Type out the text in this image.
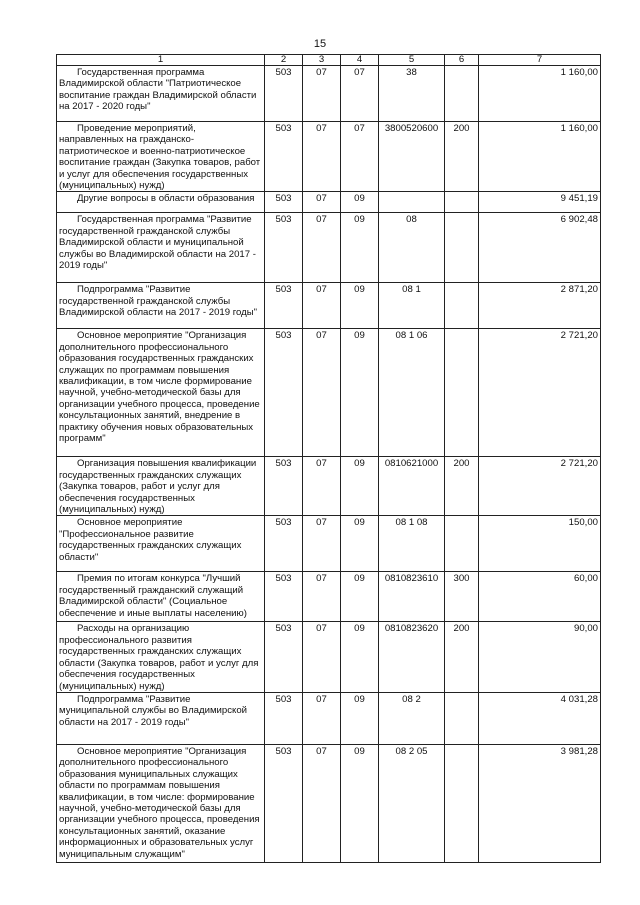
15
1	2	3	4	5	6	7
Государственная программа Владимирской области "Патриотическое воспитание граждан Владимирской области на 2017 - 2020 годы"	503	07	07	38		1 160,00
Проведение мероприятий, направленных на гражданско-патриотическое и военно-патриотическое воспитание граждан (Закупка товаров, работ и услуг для обеспечения государственных (муниципальных) нужд)	503	07	07	3800520600	200	1 160,00
Другие вопросы в области образования	503	07	09			9 451,19
Государственная программа "Развитие государственной гражданской службы Владимирской области и муниципальной службы во Владимирской области на 2017 - 2019 годы"	503	07	09	08		6 902,48
Подпрограмма "Развитие государственной гражданской службы Владимирской области на 2017 - 2019 годы"	503	07	09	08 1		2 871,20
Основное мероприятие "Организация дополнительного профессионального образования государственных гражданских служащих по программам повышения квалификации, в том числе формирование научной, учебно-методической базы для организации учебного процесса, проведение консультационных занятий, внедрение в практику обучения новых образовательных программ"	503	07	09	08 1 06		2 721,20
Организация повышения квалификации государственных гражданских служащих (Закупка товаров, работ и услуг для обеспечения государственных (муниципальных) нужд)	503	07	09	0810621000	200	2 721,20
Основное мероприятие "Профессиональное развитие государственных гражданских служащих области"	503	07	09	08 1 08		150,00
Премия по итогам конкурса "Лучший государственный гражданский служащий Владимирской области" (Социальное обеспечение и иные выплаты населению)	503	07	09	0810823610	300	60,00
Расходы на организацию профессионального развития государственных гражданских служащих области (Закупка товаров, работ и услуг для обеспечения государственных (муниципальных) нужд)	503	07	09	0810823620	200	90,00
Подпрограмма "Развитие муниципальной службы во Владимирской области на 2017 - 2019 годы"	503	07	09	08 2		4 031,28
Основное мероприятие "Организация дополнительного профессионального образования муниципальных служащих области по программам повышения квалификации, в том числе: формирование научной, учебно-методической базы для организации учебного процесса, проведения консультационных занятий, оказание информационных и образовательных услуг муниципальным служащим"	503	07	09	08 2 05		3 981,28
